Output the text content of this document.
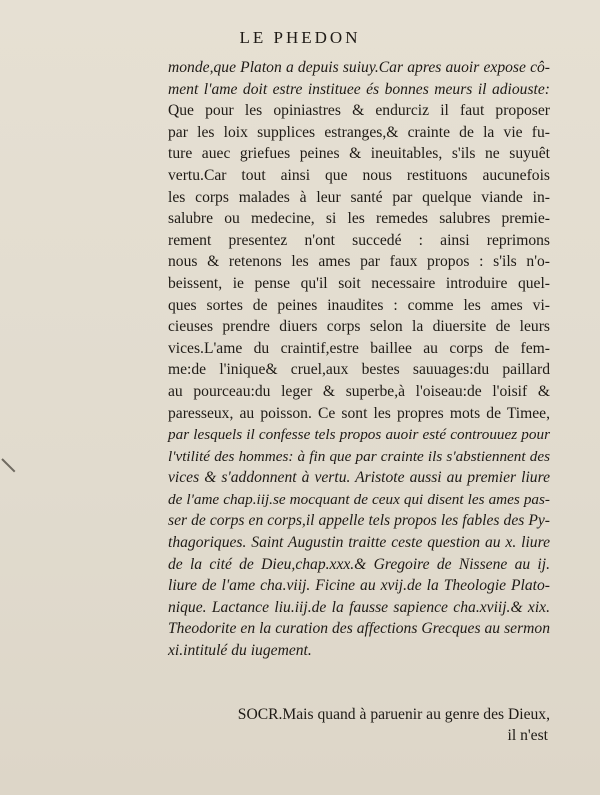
LE PHEDON
monde,que Platon a depuis suiuy.Car apres auoir expose cô-
ment l'ame doit estre instituee és bonnes meurs il adiouste:
Que pour les opiniastres & endurciz il faut proposer
par les loix supplices estranges,& crainte de la vie fu-
ture auec griefues peines & ineuitables, s'ils ne suyuêt
vertu.Car tout ainsi que nous restituons aucunefois
les corps malades à leur santé par quelque viande in-
salubre ou medecine, si les remedes salubres premie-
rement presentez n'ont succedé : ainsi reprimons
nous & retenons les ames par faux propos : s'ils n'o-
beissent, ie pense qu'il soit necessaire introduire quel-
ques sortes de peines inaudites : comme les ames vi-
cieuses prendre diuers corps selon la diuersite de leurs
vices.L'ame du craintif,estre baillee au corps de fem-
me:de l'inique& cruel,aux bestes sauuages:du paillard
au pourceau:du leger & superbe,à l'oiseau:de l'oisif &
paresseux, au poisson. Ce sont les propres mots de Timee,
par lesquels il confesse tels propos auoir esté controuuez pour
l'vtilité des hommes: à fin que par crainte ils s'abstiennent des
vices & s'addonnent à vertu. Aristote aussi au premier liure
de l'ame chap.iij.se mocquant de ceux qui disent les ames pas-
ser de corps en corps,il appelle tels propos les fables des Py-
thagoriques. Saint Augustin traitte ceste question au x. liure
de la cité de Dieu,chap.xxx.& Gregoire de Nissene au ij.
liure de l'ame cha.viij. Ficine au xvij.de la Theologie Plato-
nique. Lactance liu.iij.de la fausse sapience cha.xviij.& xix.
Theodorite en la curation des affections Grecques au sermon
xi.intitulé du iugement.
SOCR.Mais quand à paruenir au genre des Dieux,
il n'est
